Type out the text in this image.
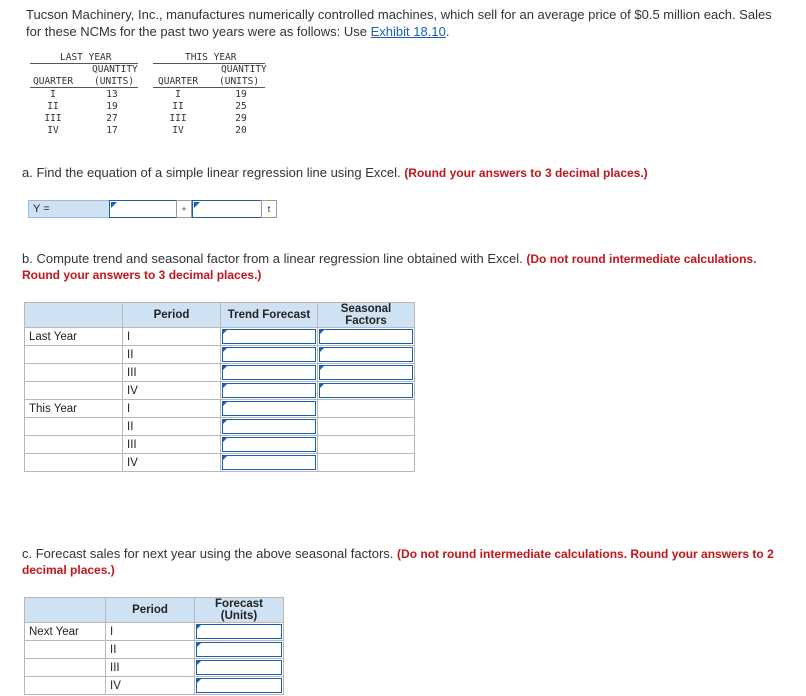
Tucson Machinery, Inc., manufactures numerically controlled machines, which sell for an average price of $0.5 million each. Sales for these NCMs for the past two years were as follows: Use Exhibit 18.10.
LAST YEAR	THIS YEAR
QUANTITY	QUANTITY
QUARTER (UNITS)	QUARTER (UNITS)
I	13	I	19
II	19	II	25
III	27	III	29
IV	17	IV	20
a. Find the equation of a simple linear regression line using Excel. (Round your answers to 3 decimal places.)
Y =	+	t
b. Compute trend and seasonal factor from a linear regression line obtained with Excel. (Do not round intermediate calculations. Round your answers to 3 decimal places.)
	Period	Trend Forecast	Seasonal Factors
Last Year	I	

	II	

	III	

	IV	

This Year	I	

	II	

	III	

	IV	

c. Forecast sales for next year using the above seasonal factors. (Do not round intermediate calculations. Round your answers to 2 decimal places.)
	Period	Forecast (Units)
Next Year	I	

	II	

	III	

	IV	
